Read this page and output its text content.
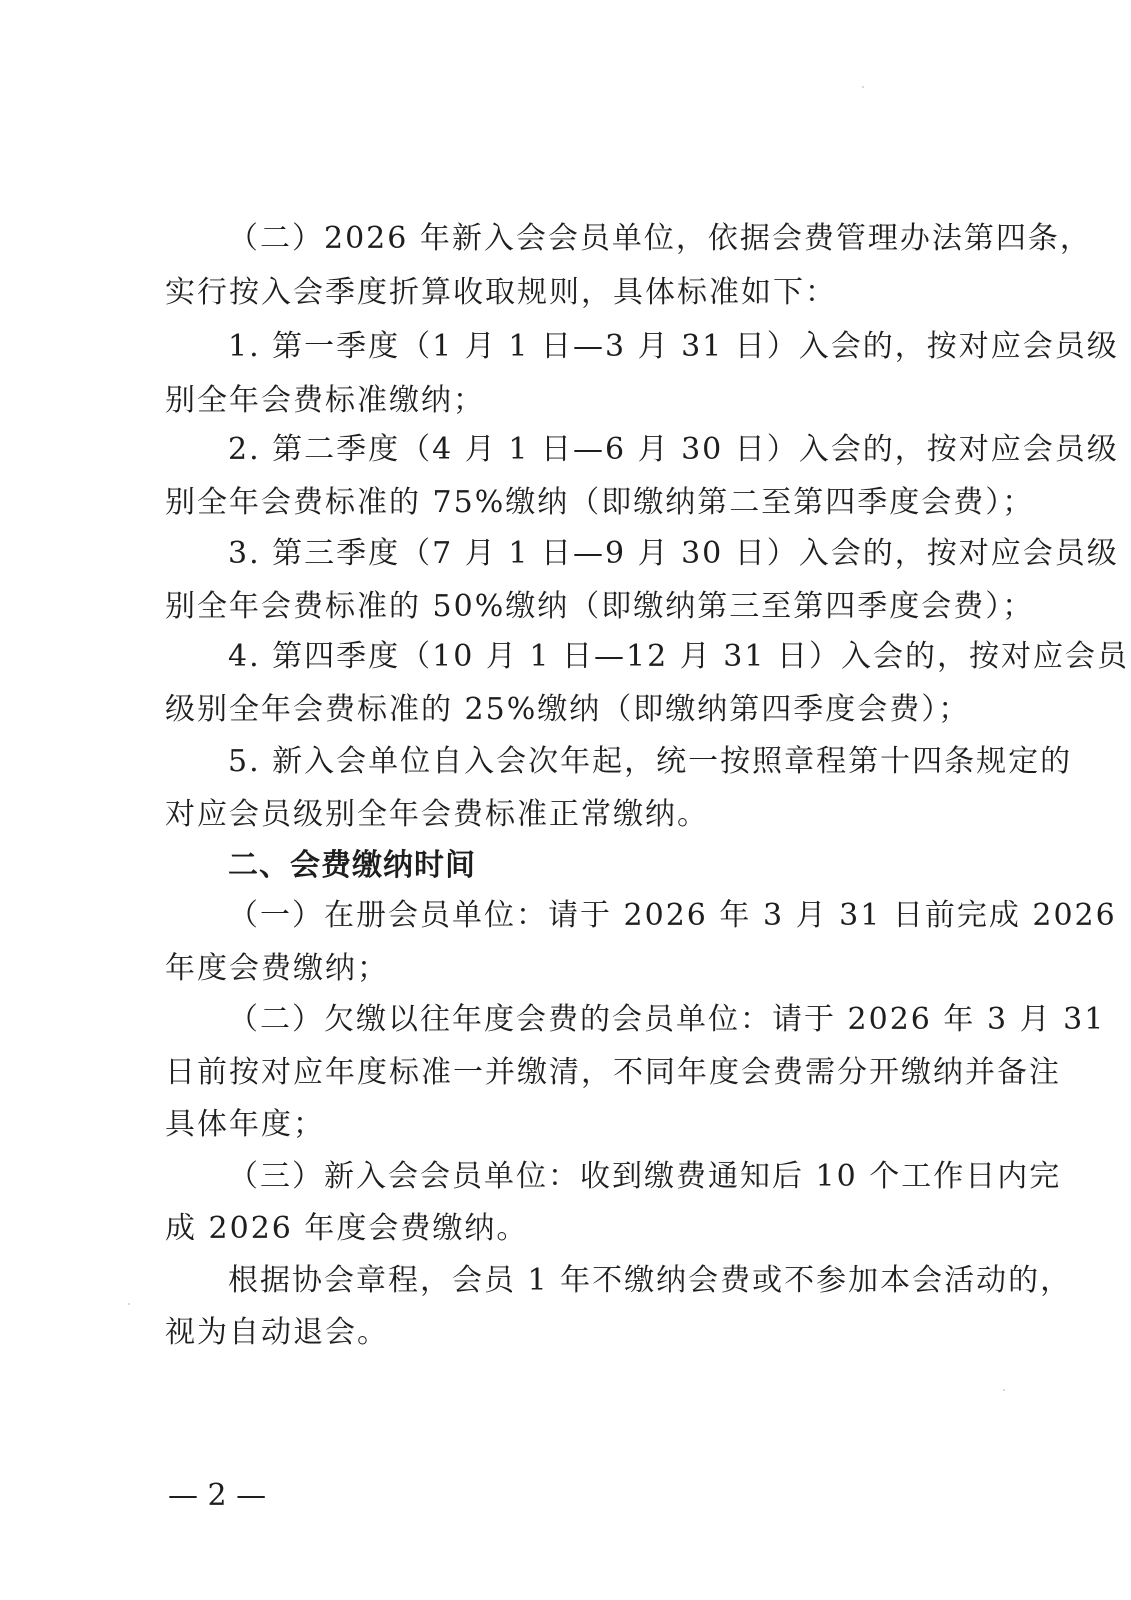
（二）2026 年新入会会员单位，依据会费管理办法第四条，
实行按入会季度折算收取规则，具体标准如下：
1. 第一季度（1 月 1 日—3 月 31 日）入会的，按对应会员级
别全年会费标准缴纳；
2. 第二季度（4 月 1 日—6 月 30 日）入会的，按对应会员级
别全年会费标准的 75%缴纳（即缴纳第二至第四季度会费）；
3. 第三季度（7 月 1 日—9 月 30 日）入会的，按对应会员级
别全年会费标准的 50%缴纳（即缴纳第三至第四季度会费）；
4. 第四季度（10 月 1 日—12 月 31 日）入会的，按对应会员
级别全年会费标准的 25%缴纳（即缴纳第四季度会费）；
5. 新入会单位自入会次年起，统一按照章程第十四条规定的
对应会员级别全年会费标准正常缴纳。
二、会费缴纳时间
（一）在册会员单位：请于 2026 年 3 月 31 日前完成 2026
年度会费缴纳；
（二）欠缴以往年度会费的会员单位：请于 2026 年 3 月 31
日前按对应年度标准一并缴清，不同年度会费需分开缴纳并备注
具体年度；
（三）新入会会员单位：收到缴费通知后 10 个工作日内完
成 2026 年度会费缴纳。
根据协会章程，会员 1 年不缴纳会费或不参加本会活动的，
视为自动退会。
— 2 —
